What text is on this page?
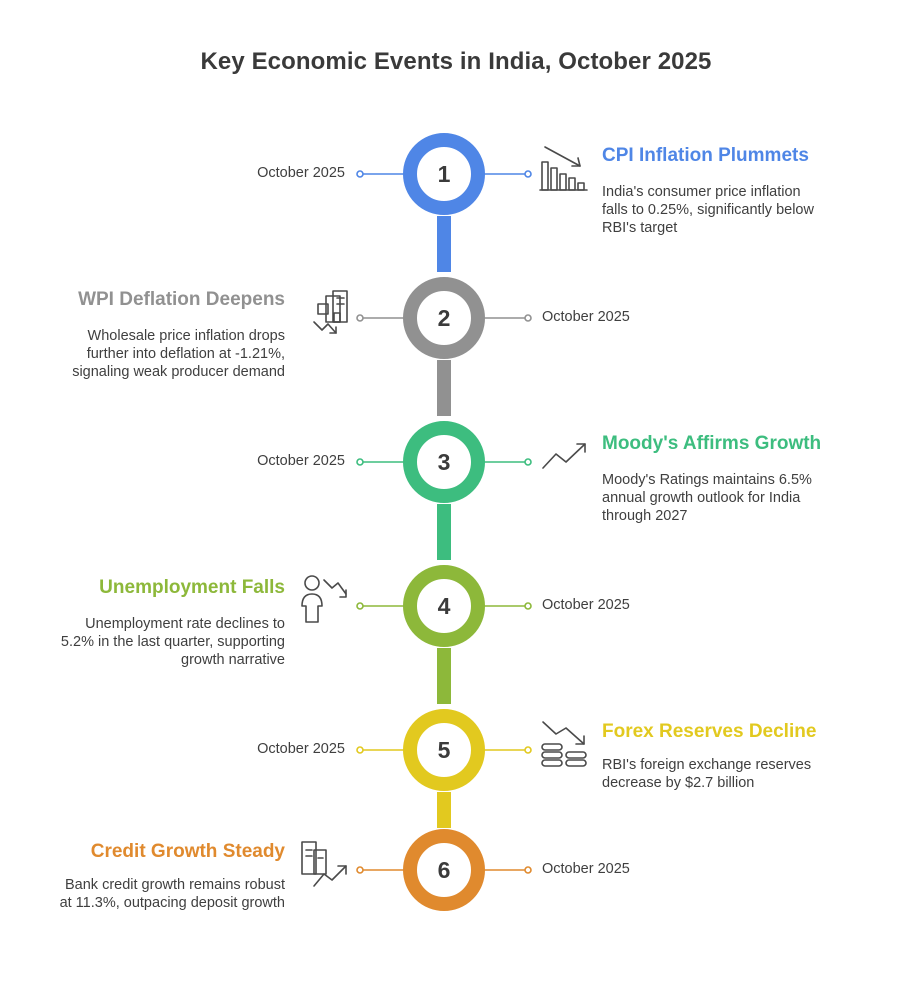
Key Economic Events in India, October 2025
1
2
3
4
5
6
October 2025
CPI Inflation Plummets
India's consumer price inflation
falls to 0.25%, significantly below
RBI's target
October 2025
WPI Deflation Deepens
Wholesale price inflation drops
further into deflation at -1.21%,
signaling weak producer demand
October 2025
Moody's Affirms Growth
Moody's Ratings maintains 6.5%
annual growth outlook for India
through 2027
October 2025
Unemployment Falls
Unemployment rate declines to
5.2% in the last quarter, supporting
growth narrative
October 2025
Forex Reserves Decline
RBI's foreign exchange reserves
decrease by $2.7 billion
October 2025
Credit Growth Steady
Bank credit growth remains robust
at 11.3%, outpacing deposit growth
